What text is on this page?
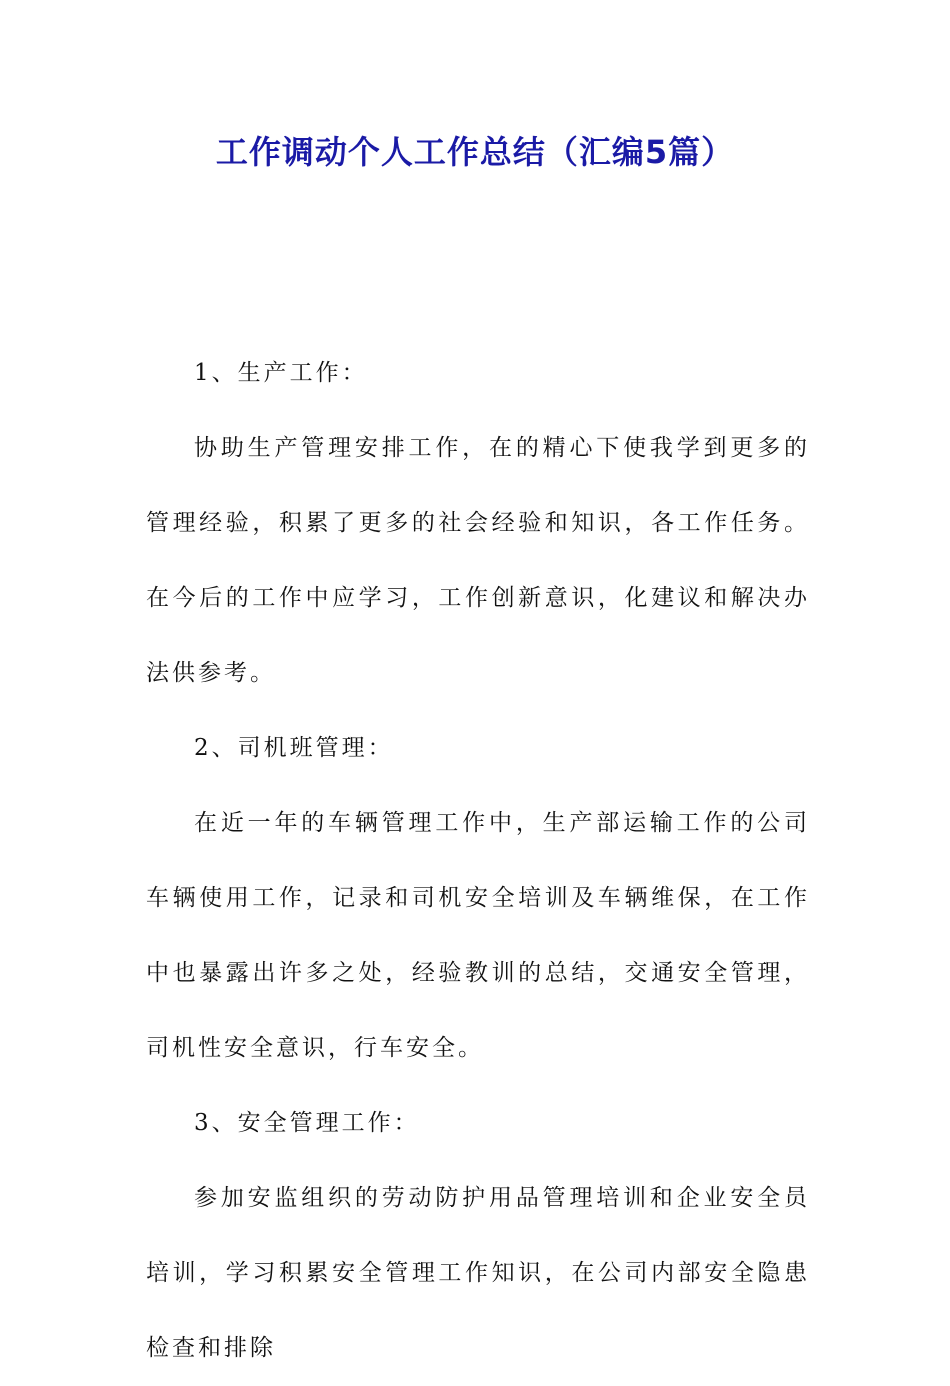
工作调动个人工作总结（汇编5篇）

1、生产工作：

协助生产管理安排工作，在的精心下使我学到更多的管理经验，积累了更多的社会经验和知识，各工作任务。在今后的工作中应学习，工作创新意识，化建议和解决办法供参考。

2、司机班管理：

在近一年的车辆管理工作中，生产部运输工作的公司车辆使用工作，记录和司机安全培训及车辆维保，在工作中也暴露出许多之处，经验教训的总结，交通安全管理，司机性安全意识，行车安全。

3、安全管理工作：

参加安监组织的劳动防护用品管理培训和企业安全员培训，学习积累安全管理工作知识，在公司内部安全隐患检查和排除
